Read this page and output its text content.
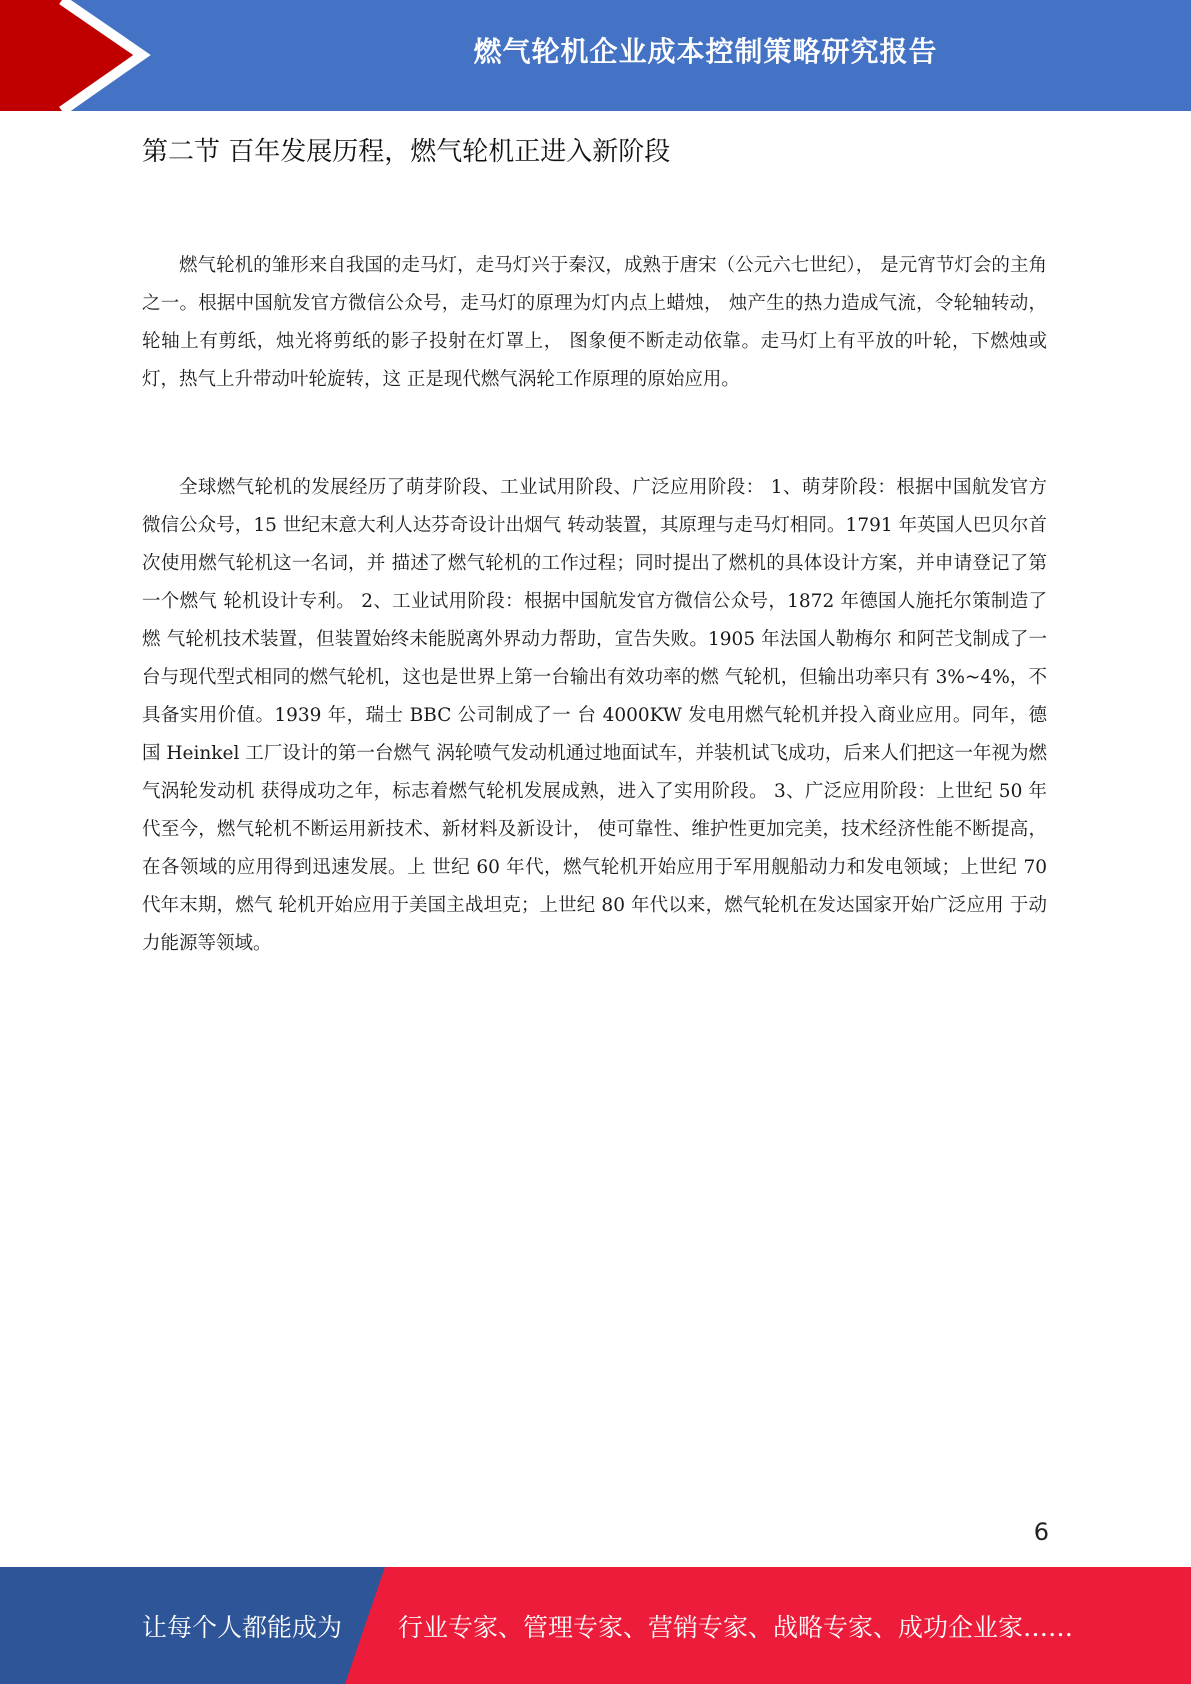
燃气轮机企业成本控制策略研究报告
第二节 百年发展历程，燃气轮机正进入新阶段

燃气轮机的雏形来自我国的走马灯，走马灯兴于秦汉，成熟于唐宋（公元六七世纪）， 是元宵节灯会的主角之一。根据中国航发官方微信公众号，走马灯的原理为灯内点上蜡烛， 烛产生的热力造成气流，令轮轴转动，轮轴上有剪纸，烛光将剪纸的影子投射在灯罩上， 图象便不断走动依靠。走马灯上有平放的叶轮，下燃烛或灯，热气上升带动叶轮旋转，这 正是现代燃气涡轮工作原理的原始应用。

全球燃气轮机的发展经历了萌芽阶段、工业试用阶段、广泛应用阶段： 1、萌芽阶段：根据中国航发官方微信公众号，15 世纪末意大利人达芬奇设计出烟气 转动装置，其原理与走马灯相同。1791 年英国人巴贝尔首次使用燃气轮机这一名词，并 描述了燃气轮机的工作过程；同时提出了燃机的具体设计方案，并申请登记了第一个燃气 轮机设计专利。 2、工业试用阶段：根据中国航发官方微信公众号，1872 年德国人施托尔策制造了燃 气轮机技术装置，但装置始终未能脱离外界动力帮助，宣告失败。1905 年法国人勒梅尔 和阿芒戈制成了一台与现代型式相同的燃气轮机，这也是世界上第一台输出有效功率的燃 气轮机，但输出功率只有 3%~4%，不具备实用价值。1939 年，瑞士 BBC 公司制成了一 台 4000KW 发电用燃气轮机并投入商业应用。同年，德国 Heinkel 工厂设计的第一台燃气 涡轮喷气发动机通过地面试车，并装机试飞成功，后来人们把这一年视为燃气涡轮发动机 获得成功之年，标志着燃气轮机发展成熟，进入了实用阶段。 3、广泛应用阶段：上世纪 50 年代至今，燃气轮机不断运用新技术、新材料及新设计， 使可靠性、维护性更加完美，技术经济性能不断提高，在各领域的应用得到迅速发展。上 世纪 60 年代，燃气轮机开始应用于军用舰船动力和发电领域；上世纪 70 代年末期，燃气 轮机开始应用于美国主战坦克；上世纪 80 年代以来，燃气轮机在发达国家开始广泛应用 于动力能源等领域。

6
让每个人都能成为 行业专家、管理专家、营销专家、战略专家、成功企业家……
